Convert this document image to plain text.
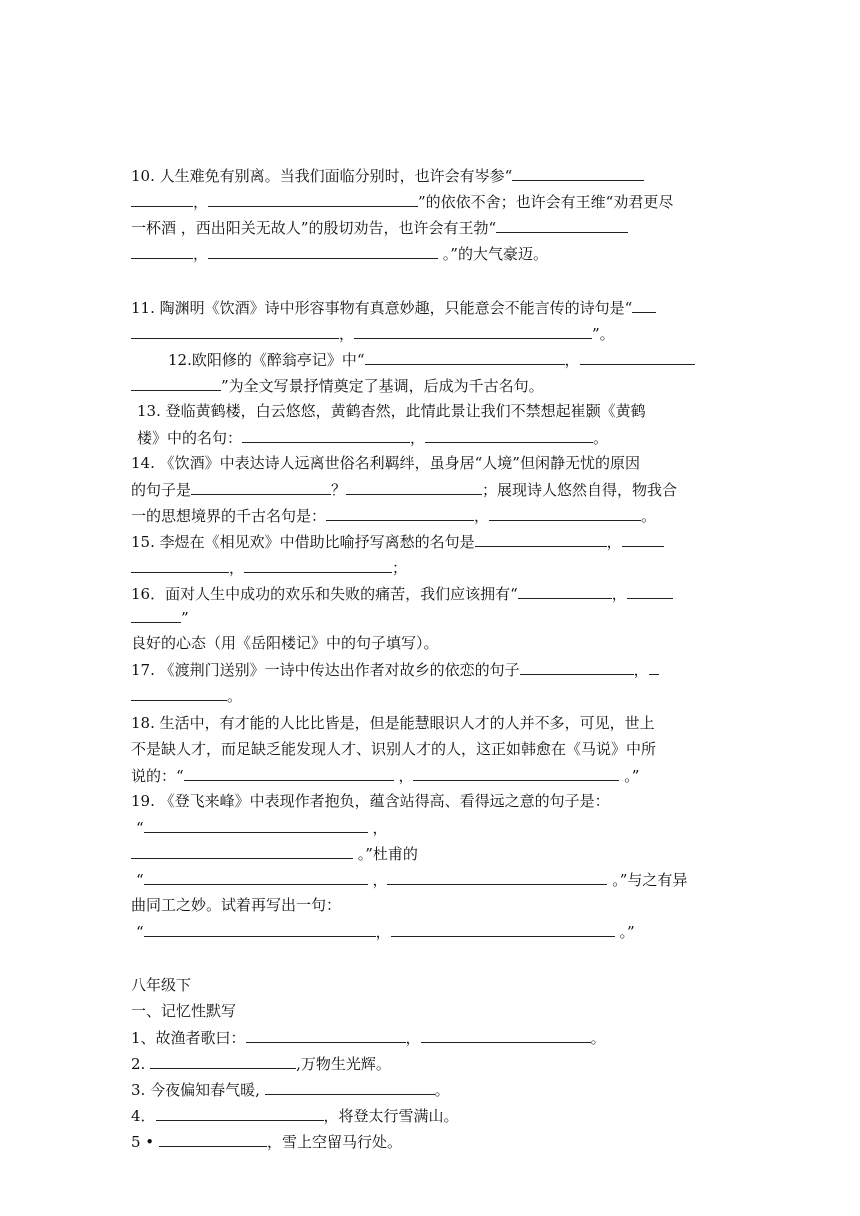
10. 人生难免有别离。当我们面临分别时，也许会有岑参“
，	”的依依不舍；也许会有王维“劝君更尽
一杯酒 ，西出阳关无故人”的殷切劝告，也许会有王勃“
，	。”的大气豪迈。
11. 陶渊明《饮酒》诗中形容事物有真意妙趣，只能意会不能言传的诗句是“
，	”。
12.欧阳修的《醉翁亭记》中“	，
”为全文写景抒情奠定了基调，后成为千古名句。
13. 登临黄鹤楼，白云悠悠，黄鹤杳然，此情此景让我们不禁想起崔颢《黄鹤
楼》中的名句：	，	。
14. 《饮酒》中表达诗人远离世俗名利羁绊，虽身居“人境”但闲静无忧的原因
的句子是	？	；展现诗人悠然自得，物我合
一的思想境界的千古名句是：	，	。
15. 李煜在《相见欢》中借助比喻抒写离愁的名句是	，
，	；
16．面对人生中成功的欢乐和失败的痛苦，我们应该拥有“	，
”
良好的心态（用《岳阳楼记》中的句子填写）。
17. 《渡荆门送别》一诗中传达出作者对故乡的依恋的句子	，
。
18. 生活中，有才能的人比比皆是，但是能慧眼识人才的人并不多，可见，世上
不是缺人才，而足缺乏能发现人才、识别人才的人，这正如韩愈在《马说》中所
说的：“	，	。”
19. 《登飞来峰》中表现作者抱负，蕴含站得高、看得远之意的句子是：
“	，
。”杜甫的
“	，	。”与之有异
曲同工之妙。试着再写出一句：
“	，	。”
八年级下
一、记忆性默写
1、故渔者歌曰：	，	。
2.	,万物生光辉。
3. 今夜偏知春气暖,	。
4．	，将登太行雪满山。
5 •	，雪上空留马行处。
